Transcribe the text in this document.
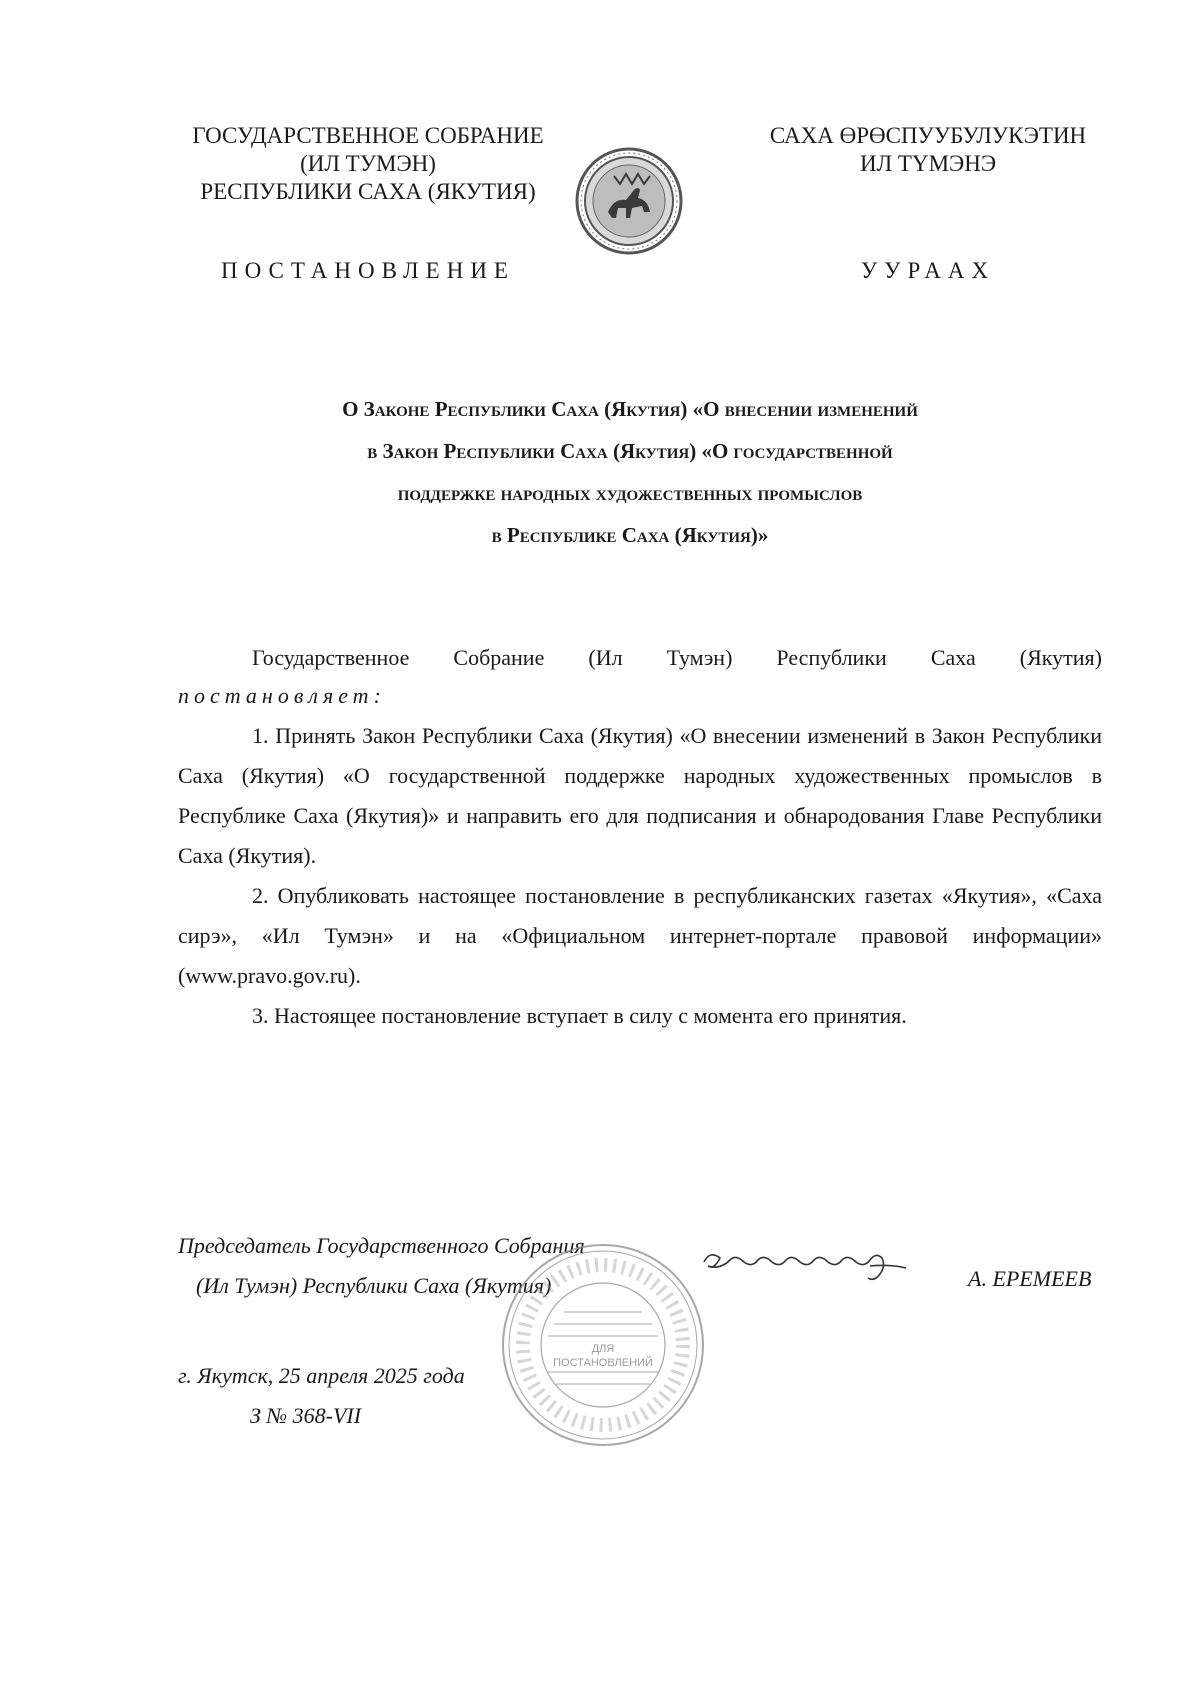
ГОСУДАРСТВЕННОЕ СОБРАНИЕ
(ИЛ ТУМЭН)
РЕСПУБЛИКИ САХА (ЯКУТИЯ)
САХА ӨРӨСПУУБУЛУКЭТИН
ИЛ ТҮМЭНЭ
ПОСТАНОВЛЕНИЕ	УУРААХ
О Законе Республики Саха (Якутия) «О внесении изменений
в Закон Республики Саха (Якутия) «О государственной
поддержке народных художественных промыслов
в Республике Саха (Якутия)»

Государственное Собрание (Ил Тумэн) Республики Саха (Якутия)

постановляет:

1. Принять Закон Республики Саха (Якутия) «О внесении изменений в Закон Республики Саха (Якутия) «О государственной поддержке народных художественных промыслов в Республике Саха (Якутия)» и направить его для подписания и обнародования Главе Республики Саха (Якутия).

2. Опубликовать настоящее постановление в республиканских газетах «Якутия», «Саха сирэ», «Ил Тумэн» и на «Официальном интернет-портале правовой информации» (www.pravo.gov.ru).

3. Настоящее постановление вступает в силу с момента его принятия.

Председатель Государственного Собрания
(Ил Тумэн) Республики Саха (Якутия)	А. ЕРЕМЕЕВ
г. Якутск, 25 апреля 2025 года
З № 368-VII
ДЛЯ
ПОСТАНОВЛЕНИЙ
